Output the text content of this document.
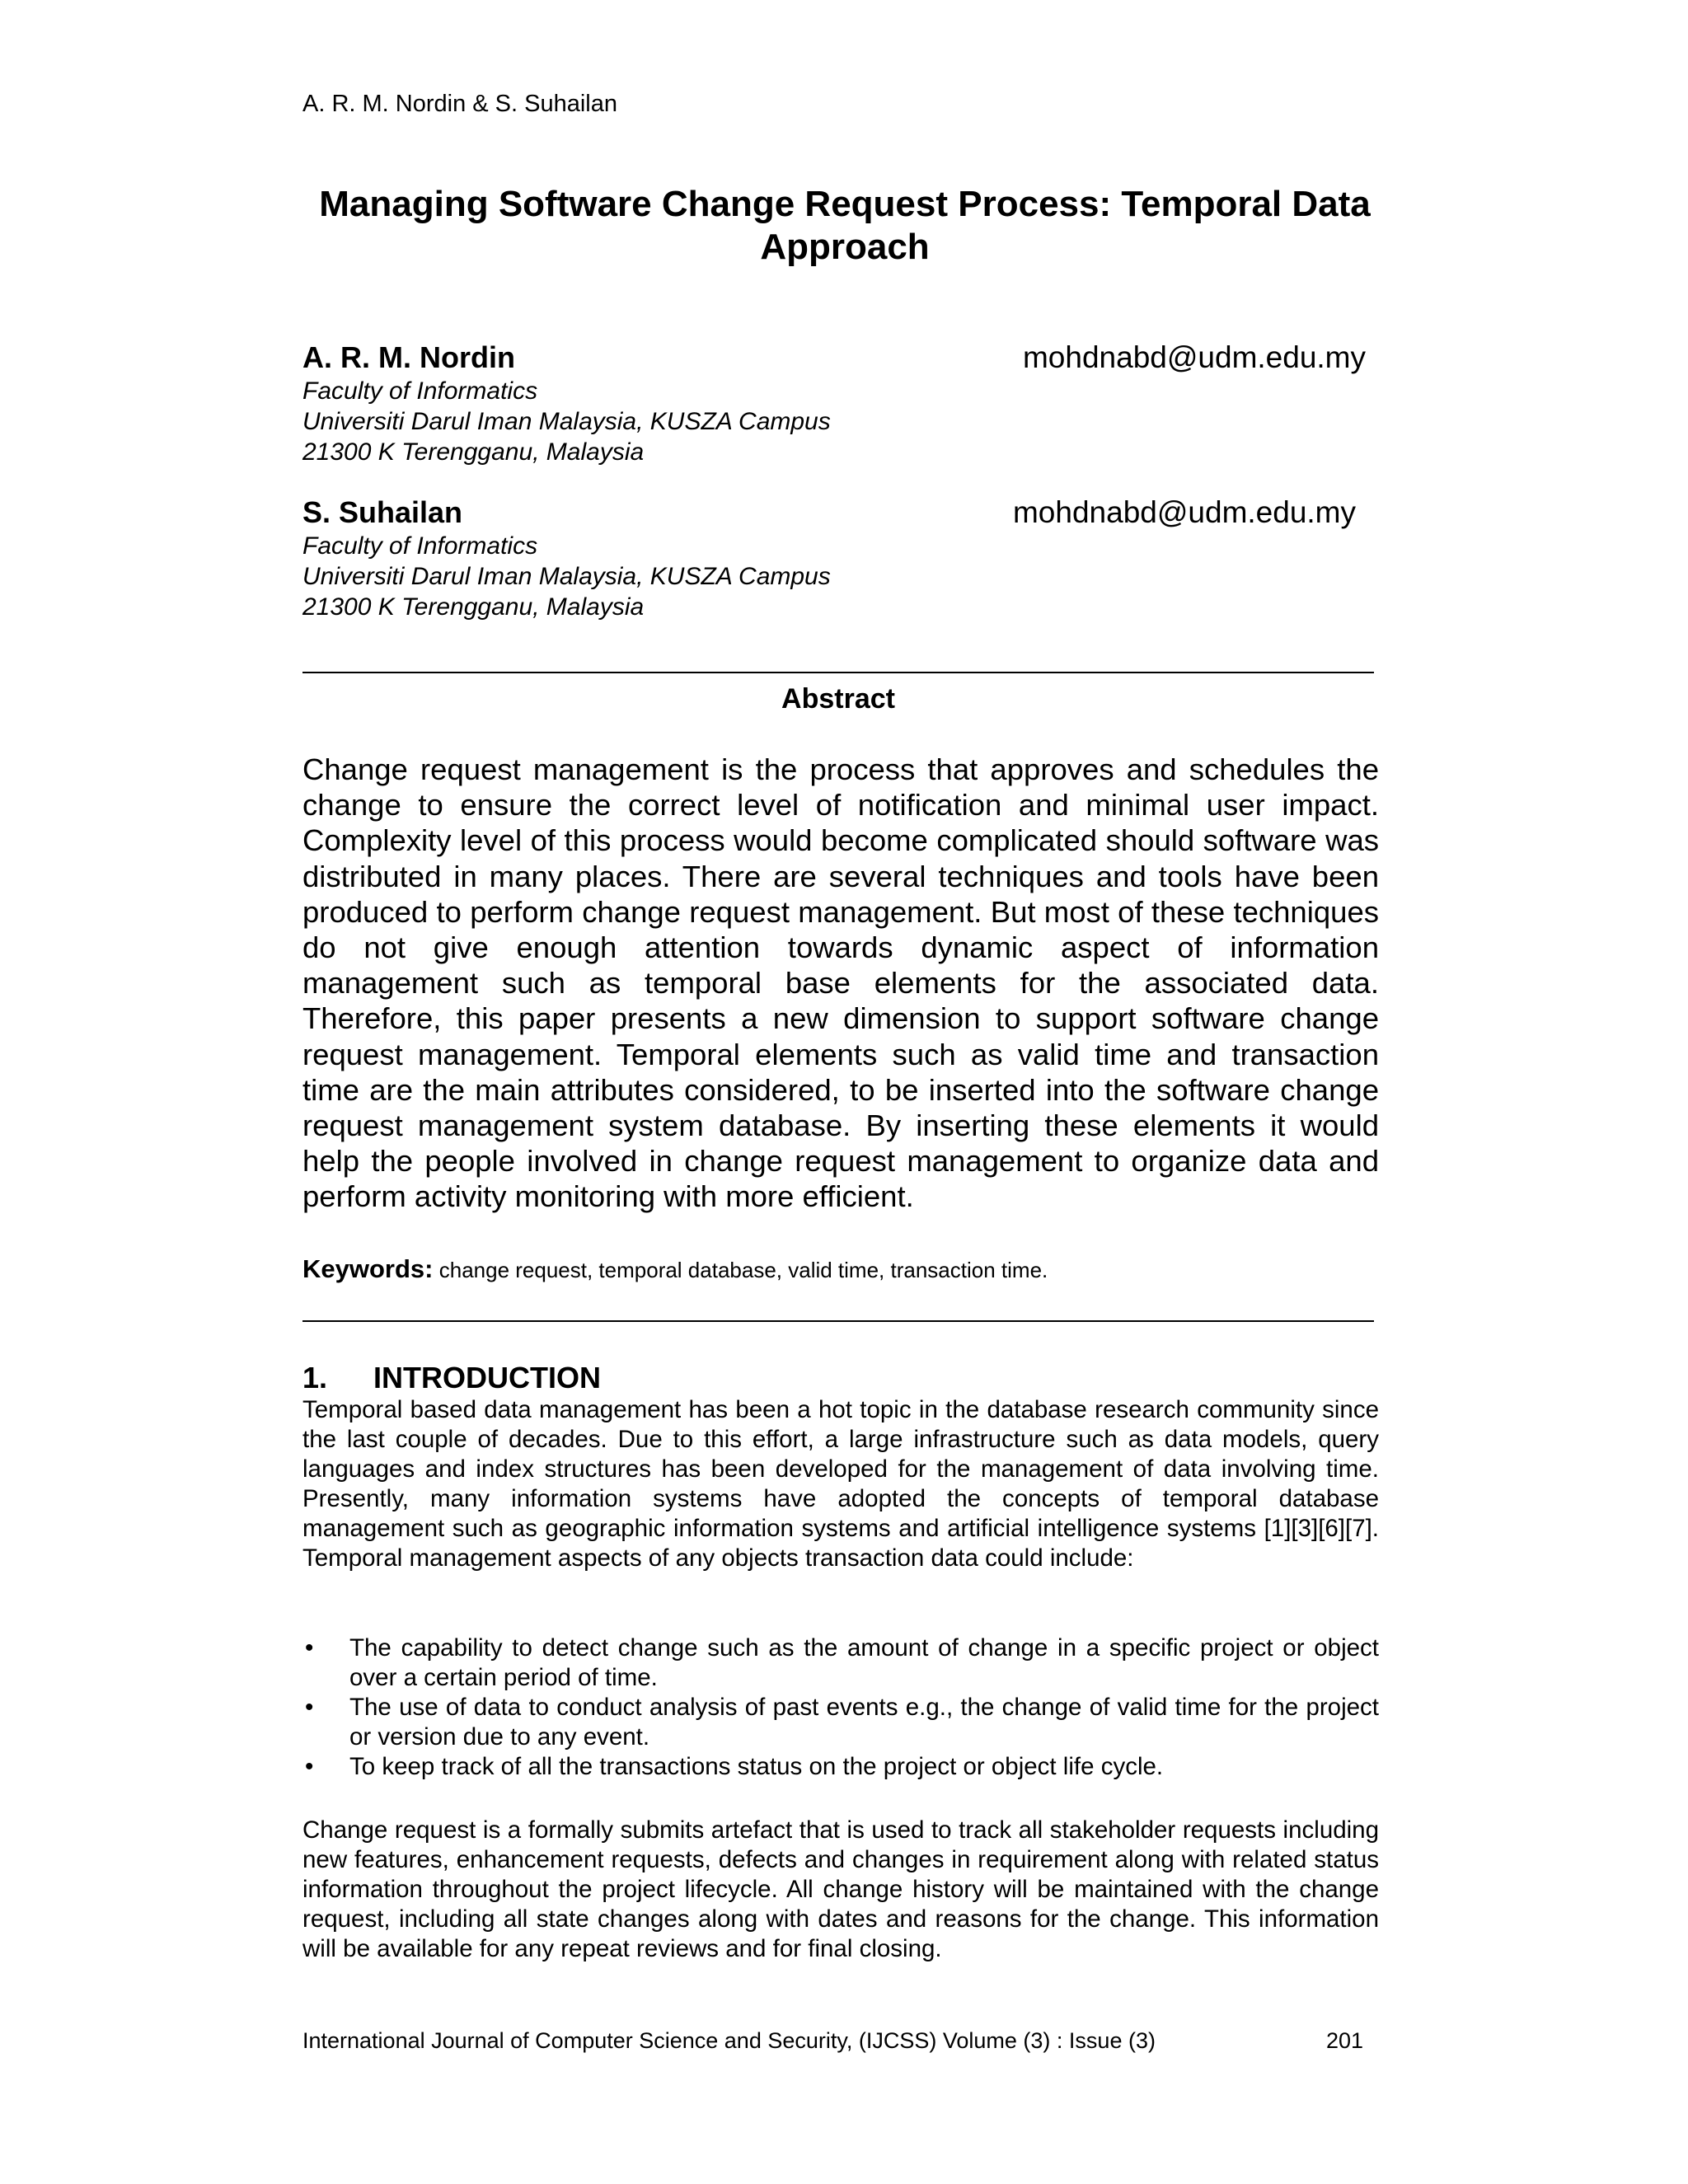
A. R. M. Nordin & S. Suhailan
Managing Software Change Request Process: Temporal Data Approach
A. R. M. Nordin	mohdnabd@udm.edu.my
Faculty of Informatics
Universiti Darul Iman Malaysia, KUSZA Campus
21300 K Terengganu, Malaysia
S. Suhailan	mohdnabd@udm.edu.my
Faculty of Informatics
Universiti Darul Iman Malaysia, KUSZA Campus
21300 K Terengganu, Malaysia
Abstract

Change request management is the process that approves and schedules the change to ensure the correct level of notification and minimal user impact. Complexity level of this process would become complicated should software was distributed in many places. There are several techniques and tools have been produced to perform change request management. But most of these techniques do not give enough attention towards dynamic aspect of information management such as temporal base elements for the associated data. Therefore, this paper presents a new dimension to support software change request management. Temporal elements such as valid time and transaction time are the main attributes considered, to be inserted into the software change request management system database. By inserting these elements it would help the people involved in change request management to organize data and perform activity monitoring with more efficient.

Keywords: change request, temporal database, valid time, transaction time.
1. INTRODUCTION

Temporal based data management has been a hot topic in the database research community since the last couple of decades. Due to this effort, a large infrastructure such as data models, query languages and index structures has been developed for the management of data involving time. Presently, many information systems have adopted the concepts of temporal database management such as geographic information systems and artificial intelligence systems [1][3][6][7]. Temporal management aspects of any objects transaction data could include:

• The capability to detect change such as the amount of change in a specific project or object over a certain period of time.
• The use of data to conduct analysis of past events e.g., the change of valid time for the project or version due to any event.
• To keep track of all the transactions status on the project or object life cycle.

Change request is a formally submits artefact that is used to track all stakeholder requests including new features, enhancement requests, defects and changes in requirement along with related status information throughout the project lifecycle. All change history will be maintained with the change request, including all state changes along with dates and reasons for the change. This information will be available for any repeat reviews and for final closing.

International Journal of Computer Science and Security, (IJCSS) Volume (3) : Issue (3)	201
